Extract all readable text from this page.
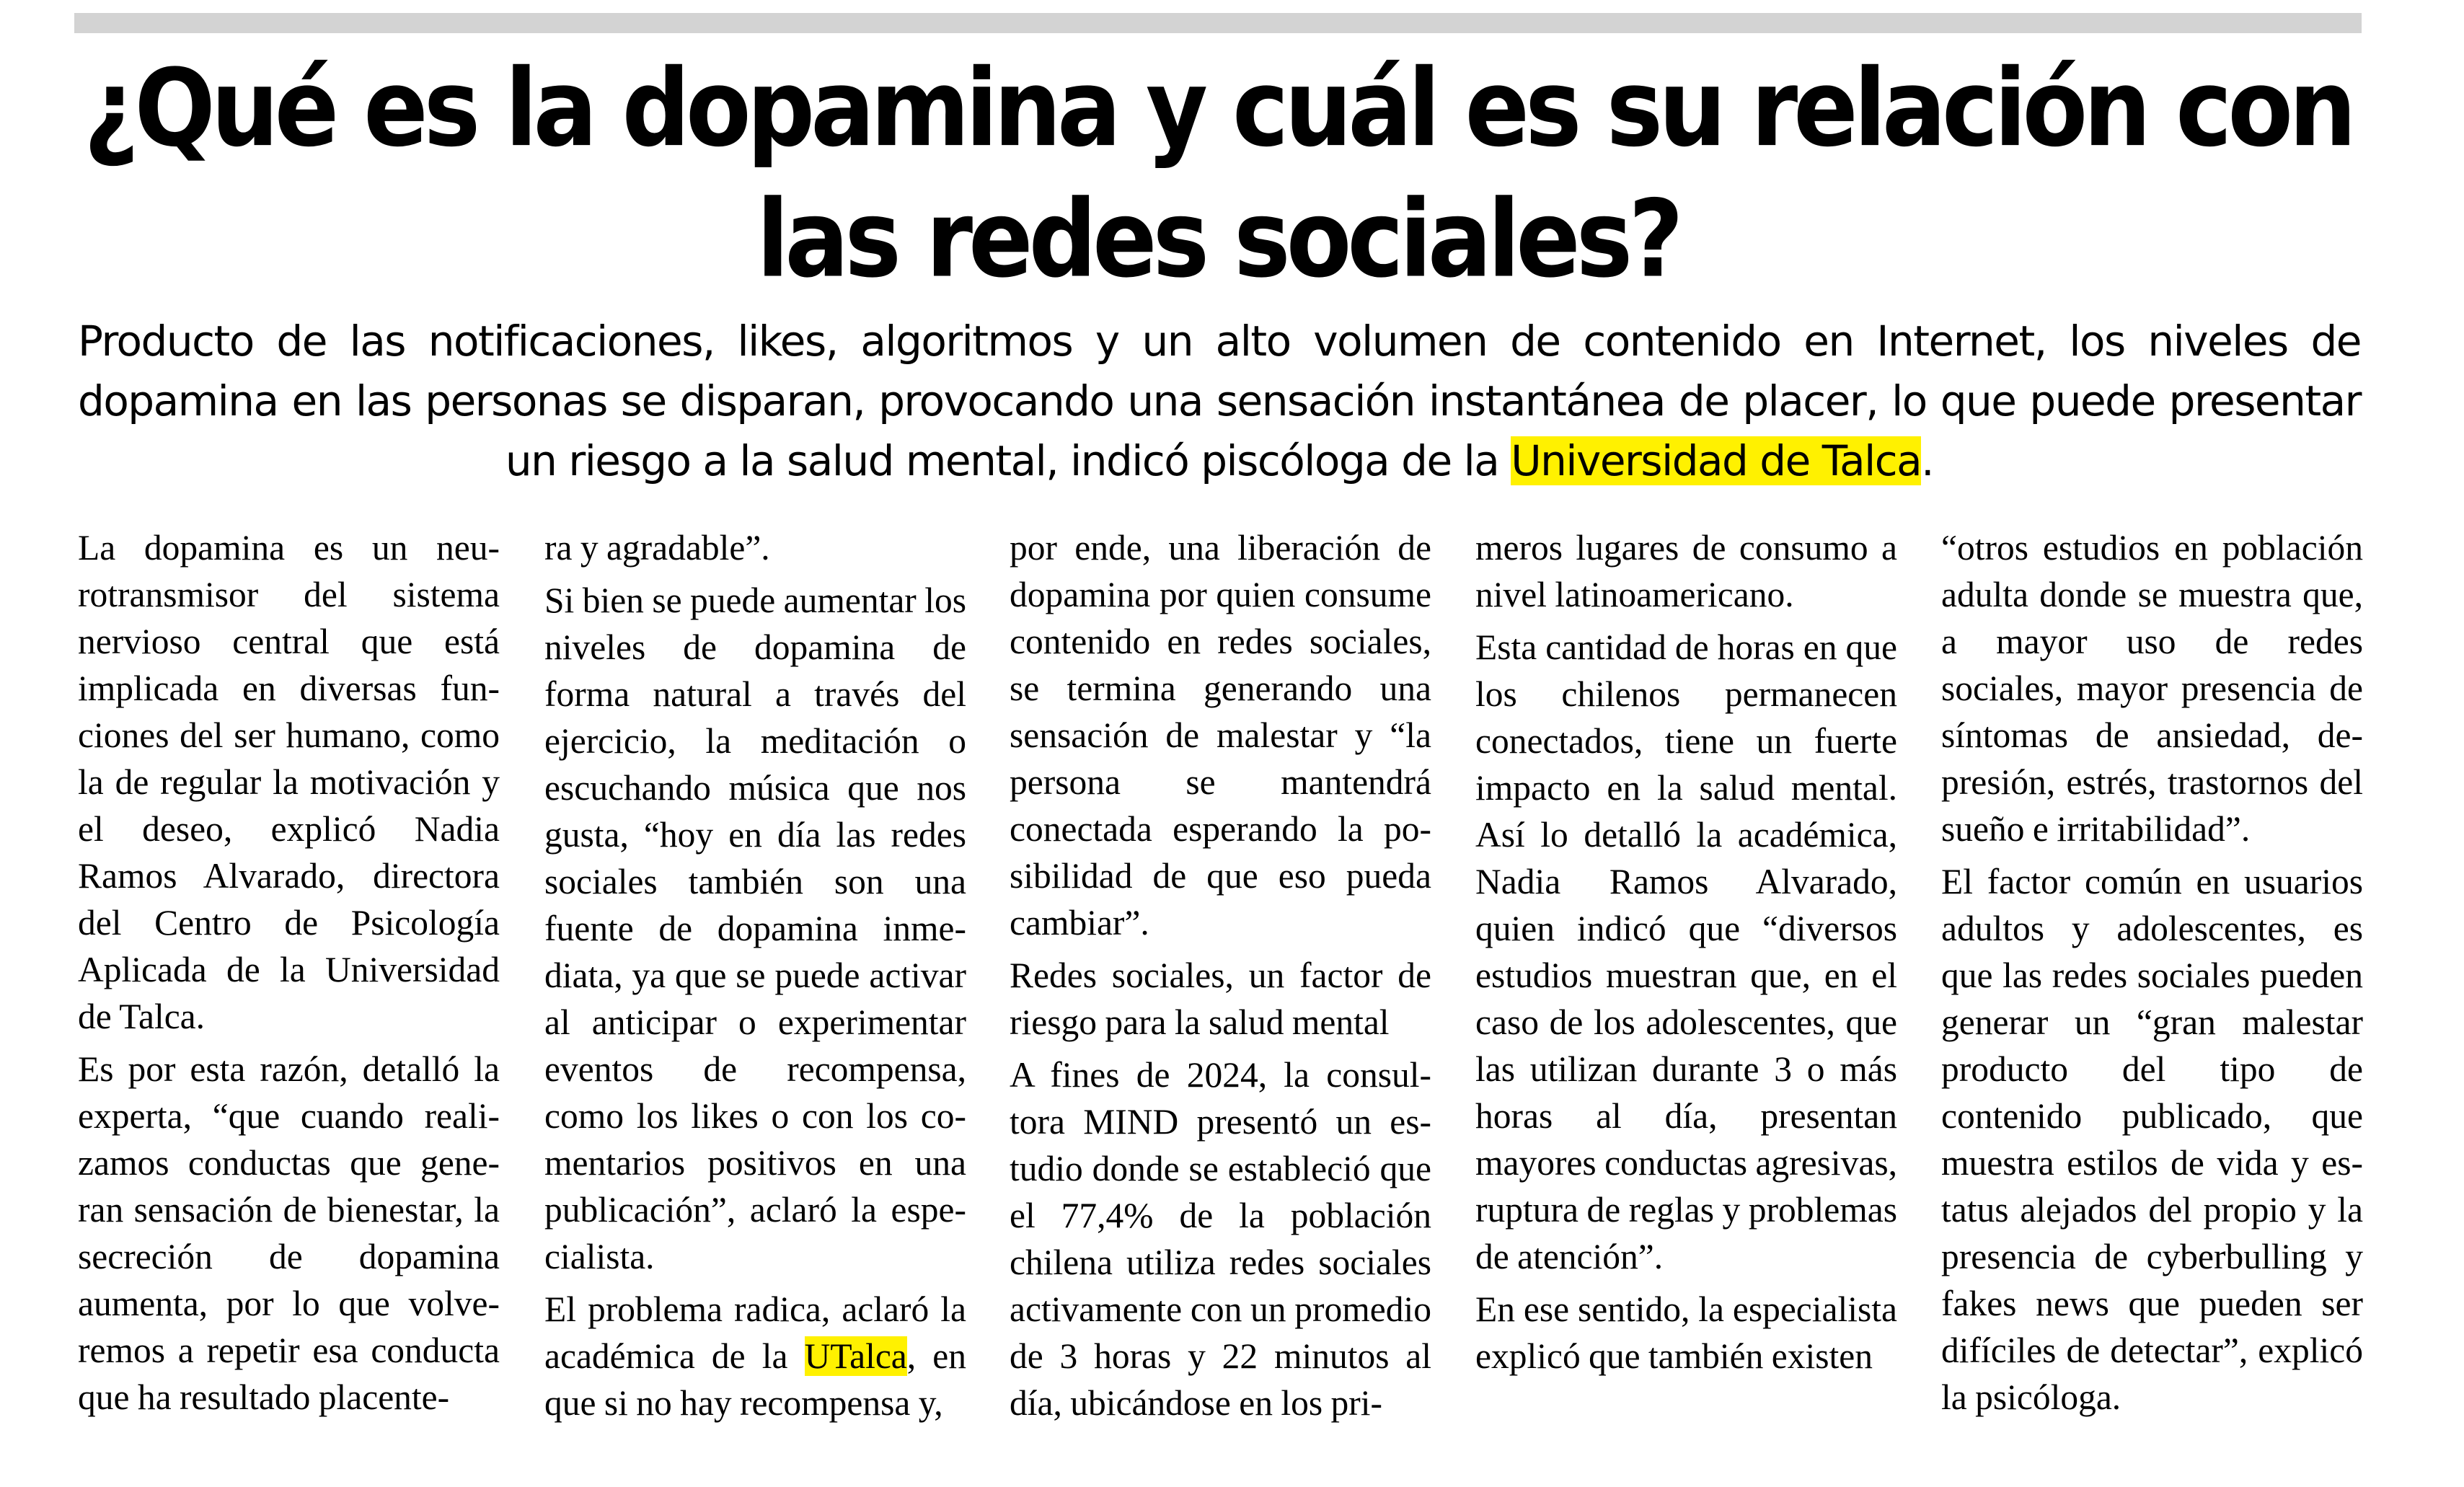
¿Qué es la dopamina y cuál es su relación con las redes sociales?

Producto de las notificaciones, likes, algoritmos y un alto volumen de contenido en Internet, los niveles de dopamina en las personas se disparan, provocando una sensación instantánea de placer, lo que puede presentar un riesgo a la salud mental, indicó piscóloga de la Universidad de Talca.

La dopamina es un neurotransmisor del sistema nervioso central que está implicada en diversas funciones del ser humano, como la de regular la motivación y el deseo, explicó Nadia Ramos Alvarado, directora del Centro de Psicología Aplicada de la Universidad de Talca.

Es por esta razón, detalló la experta, “que cuando realizamos conductas que generan sensación de bienestar, la secreción de dopamina aumenta, por lo que volveremos a repetir esa conducta que ha resultado placente-

ra y agradable”.

Si bien se puede aumentar los niveles de dopamina de forma natural a través del ejercicio, la meditación o escuchando música que nos gusta, “hoy en día las redes sociales también son una fuente de dopamina inmediata, ya que se puede activar al anticipar o experimentar eventos de recompensa, como los likes o con los comentarios positivos en una publicación”, aclaró la especialista.

El problema radica, aclaró la académica de la UTalca, en que si no hay recompensa y,

por ende, una liberación de dopamina por quien consume contenido en redes sociales, se termina generando una sensación de malestar y “la persona se mantendrá conectada esperando la posibilidad de que eso pueda cambiar”.

Redes sociales, un factor de riesgo para la salud mental

A fines de 2024, la consultora MIND presentó un estudio donde se estableció que el 77,4% de la población chilena utiliza redes sociales activamente con un promedio de 3 horas y 22 minutos al día, ubicándose en los pri-

meros lugares de consumo a nivel latinoamericano.

Esta cantidad de horas en que los chilenos permanecen conectados, tiene un fuerte impacto en la salud mental. Así lo detalló la académica, Nadia Ramos Alvarado, quien indicó que “diversos estudios muestran que, en el caso de los adolescentes, que las utilizan durante 3 o más horas al día, presentan mayores conductas agresivas, ruptura de reglas y problemas de atención”.

En ese sentido, la especialista explicó que también existen

“otros estudios en población adulta donde se muestra que, a mayor uso de redes sociales, mayor presencia de síntomas de ansiedad, depresión, estrés, trastornos del sueño e irritabilidad”.

El factor común en usuarios adultos y adolescentes, es que las redes sociales pueden generar un “gran malestar producto del tipo de contenido publicado, que muestra estilos de vida y estatus alejados del propio y la presencia de cyberbulling y fakes news que pueden ser difíciles de detectar”, explicó la psicóloga.
